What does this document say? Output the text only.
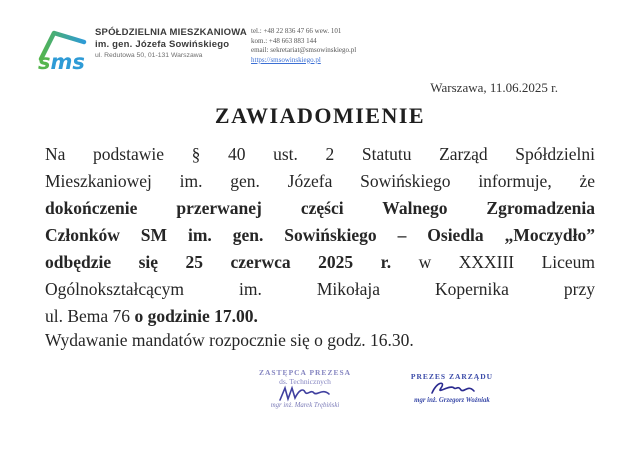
sms
SPÓŁDZIELNIA MIESZKANIOWA
im. gen. Józefa Sowińskiego
ul. Redutowa 50, 01-131 Warszawa
tel.: +48 22 836 47 66 wew. 101
kom.: +48 663 883 144
email: sekretariat@smsowinskiego.pl
https://smsowinskiego.pl
Warszawa, 11.06.2025 r.
ZAWIADOMIENIE
Na podstawie § 40 ust. 2 Statutu Zarząd Spółdzielni
Mieszkaniowej im. gen. Józefa Sowińskiego informuje, że
dokończenie przerwanej części Walnego Zgromadzenia
Członków SM im. gen. Sowińskiego – Osiedla „Moczydło”
odbędzie się 25 czerwca 2025 r. w XXXIII Liceum
Ogólnokształcącym im. Mikołaja Kopernika przy
ul. Bema 76 o godzinie 17.00.
Wydawanie mandatów rozpocznie się o godz. 16.30.
ZASTĘPCA PREZESA
ds. Technicznych
mgr inż. Marek Trębiński
PREZES ZARZĄDU
mgr inż. Grzegorz Woźniak
